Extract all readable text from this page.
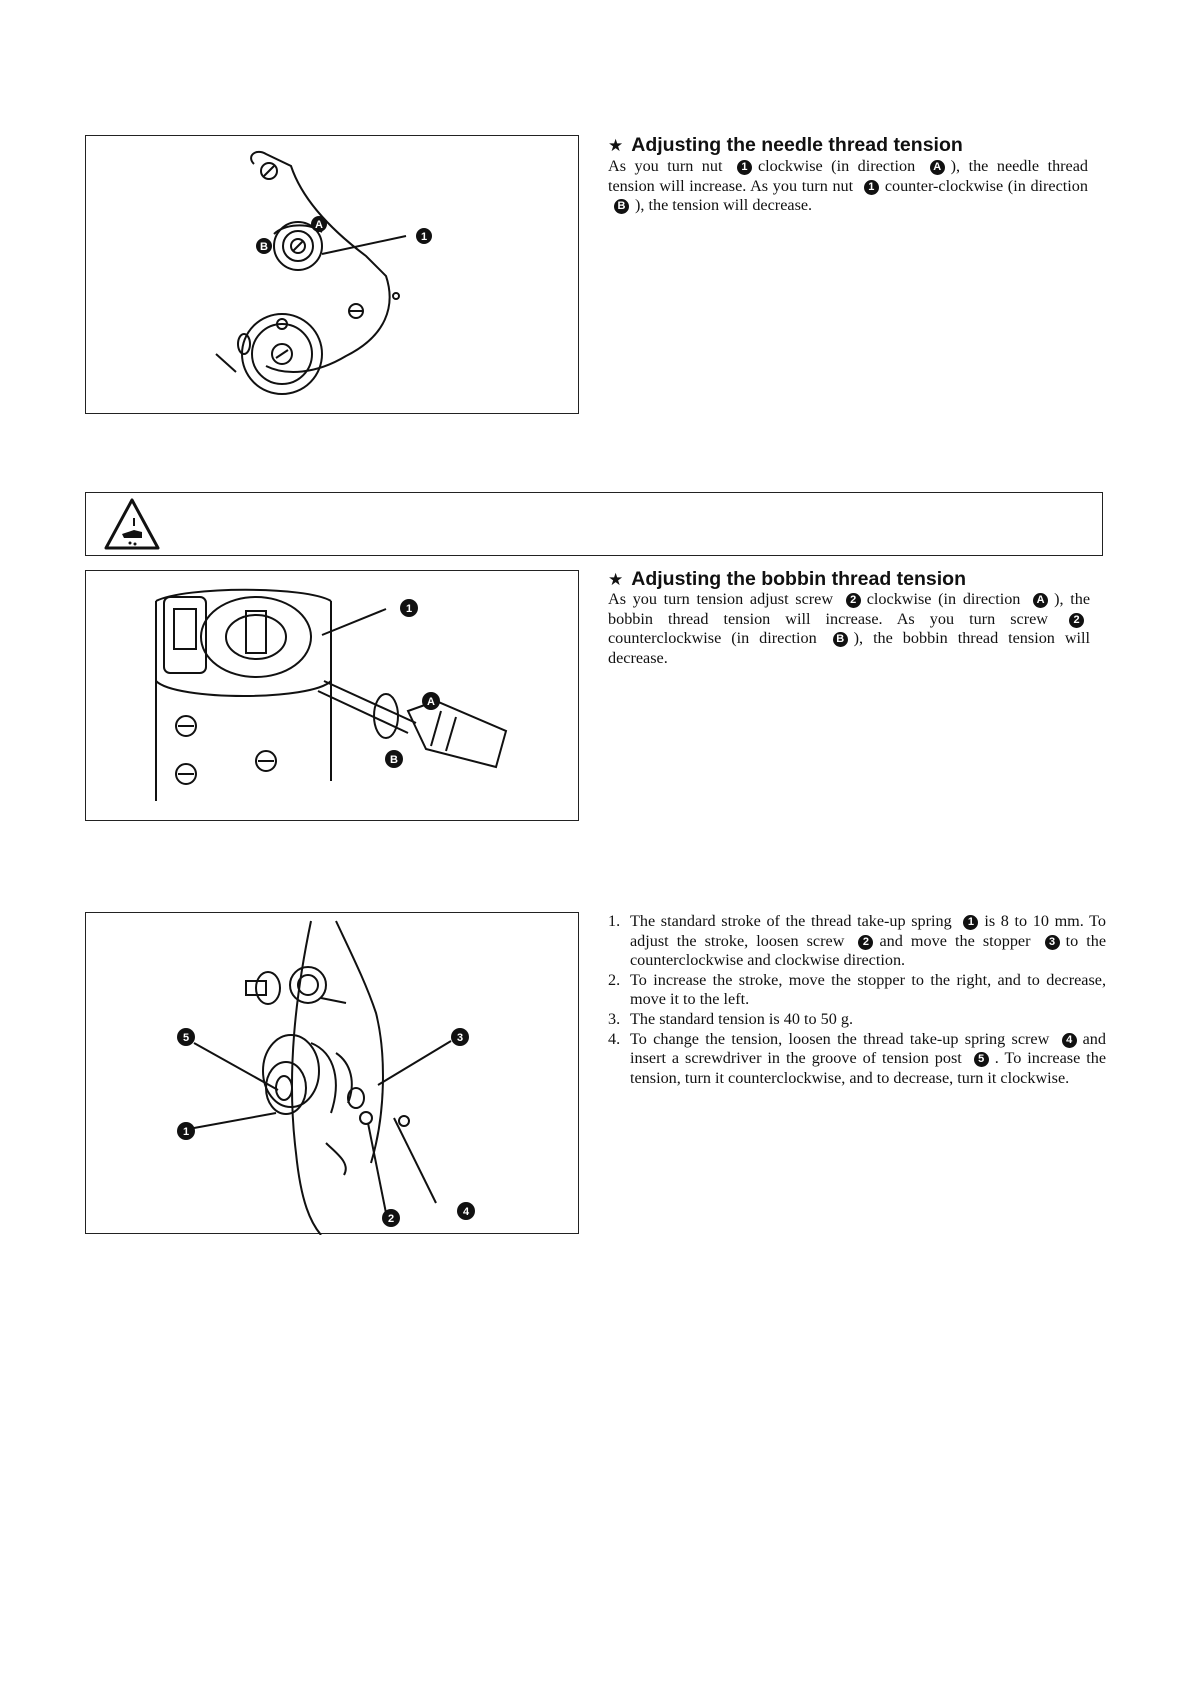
A
B
1
★ Adjusting the needle thread tension
As you turn nut 1 clockwise (in direction A ), the needle thread tension will increase. As you turn nut 1 counter-clockwise (in direction B ), the tension will decrease.
1
A
B
★ Adjusting the bobbin thread tension
As you turn tension adjust screw 2 clockwise (in direction A ), the bobbin thread tension will increase. As you turn screw 2counterclockwise (in direction B ), the bobbin thread tension will decrease.
5	3
1
2
4
1. The standard stroke of the thread take-up spring 1 is 8 to 10 mm. To adjust the stroke, loosen screw 2 and move the stopper 3 to the counterclockwise and clockwise direction.
2. To increase the stroke, move the stopper to the right, and to decrease, move it to the left.
3. The standard tension is 40 to 50 g.
4. To change the tension, loosen the thread take-up spring screw 4 and insert a screwdriver in the groove of tension post 5 . To increase the tension, turn it counterclockwise, and to decrease, turn it clockwise.
